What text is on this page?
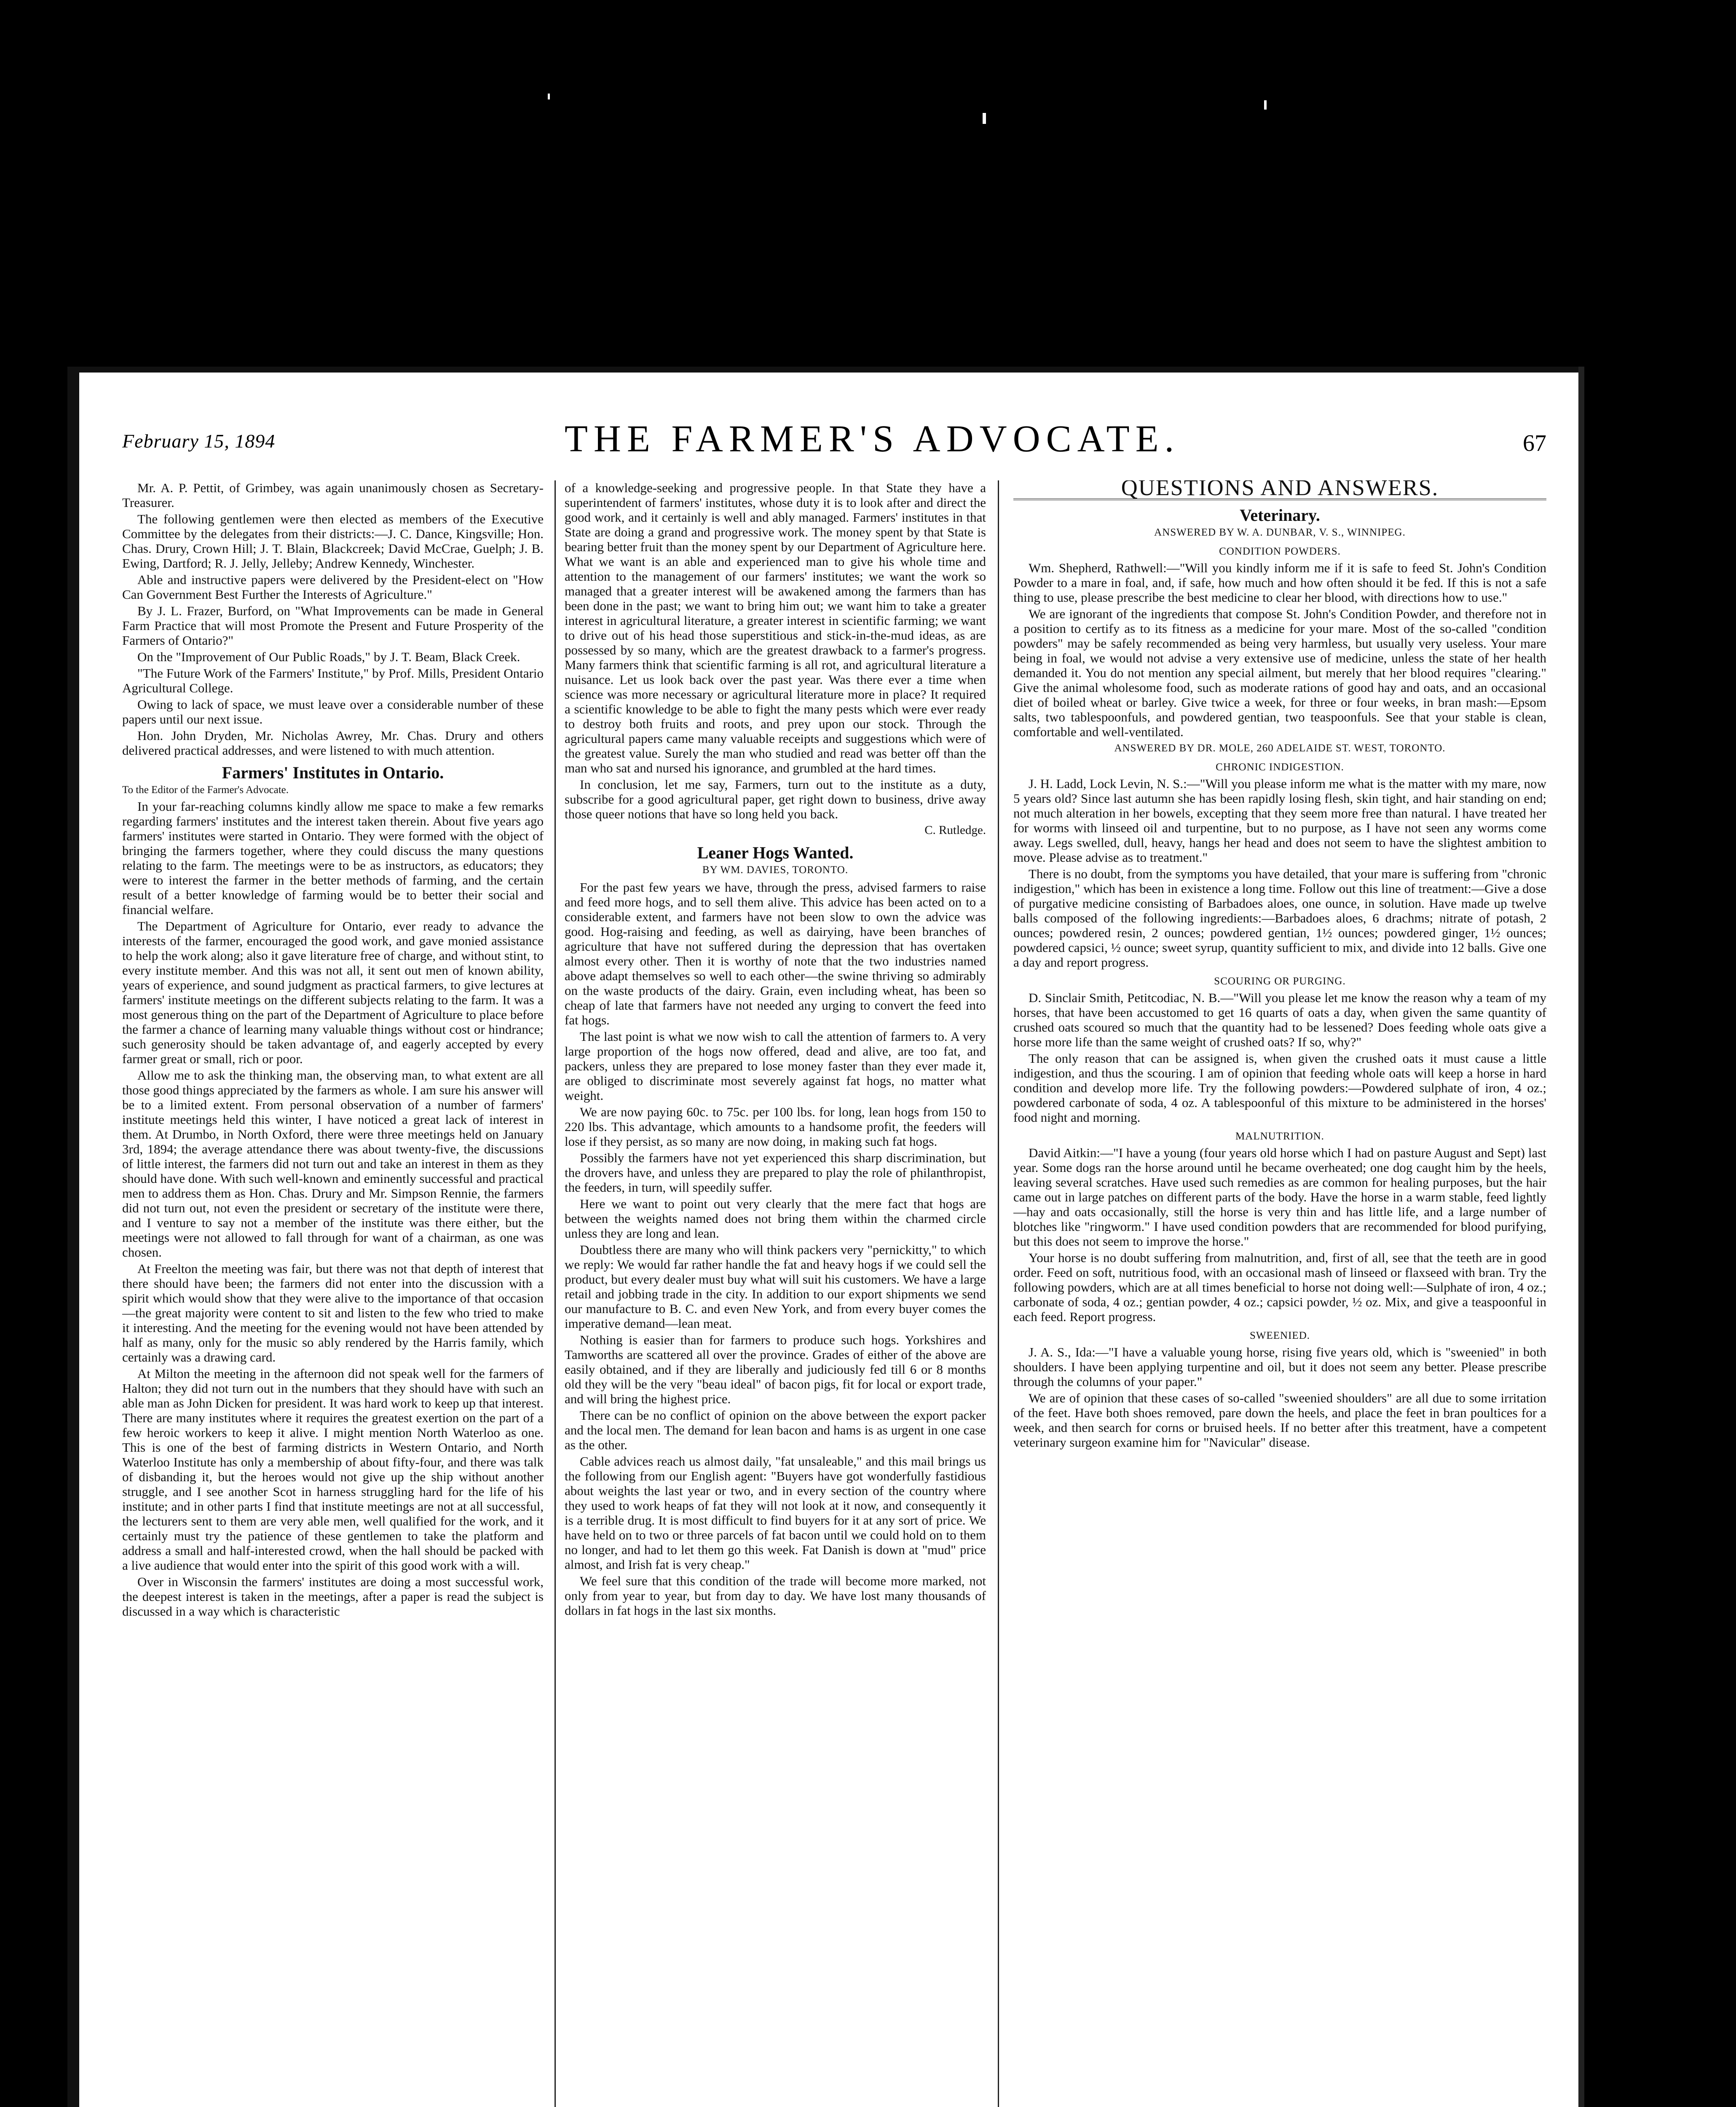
February 15, 1894	THE FARMER'S ADVOCATE.	67

Mr. A. P. Pettit, of Grimbey, was again unanimously chosen as Secretary-Treasurer.

The following gentlemen were then elected as members of the Executive Committee by the delegates from their districts:—J. C. Dance, Kingsville; Hon. Chas. Drury, Crown Hill; J. T. Blain, Blackcreek; David McCrae, Guelph; J. B. Ewing, Dartford; R. J. Jelly, Jelleby; Andrew Kennedy, Winchester.

Able and instructive papers were delivered by the President-elect on "How Can Government Best Further the Interests of Agriculture."

By J. L. Frazer, Burford, on "What Improvements can be made in General Farm Practice that will most Promote the Present and Future Prosperity of the Farmers of Ontario?"

On the "Improvement of Our Public Roads," by J. T. Beam, Black Creek.

"The Future Work of the Farmers' Institute," by Prof. Mills, President Ontario Agricultural College.

Owing to lack of space, we must leave over a considerable number of these papers until our next issue.

Hon. John Dryden, Mr. Nicholas Awrey, Mr. Chas. Drury and others delivered practical addresses, and were listened to with much attention.

Farmers' Institutes in Ontario.
To the Editor of the Farmer's Advocate.

In your far-reaching columns kindly allow me space to make a few remarks regarding farmers' institutes and the interest taken therein. About five years ago farmers' institutes were started in Ontario. They were formed with the object of bringing the farmers together, where they could discuss the many questions relating to the farm. The meetings were to be as instructors, as educators; they were to interest the farmer in the better methods of farming, and the certain result of a better knowledge of farming would be to better their social and financial welfare.

The Department of Agriculture for Ontario, ever ready to advance the interests of the farmer, encouraged the good work, and gave monied assistance to help the work along; also it gave literature free of charge, and without stint, to every institute member. And this was not all, it sent out men of known ability, years of experience, and sound judgment as practical farmers, to give lectures at farmers' institute meetings on the different subjects relating to the farm. It was a most generous thing on the part of the Department of Agriculture to place before the farmer a chance of learning many valuable things without cost or hindrance; such generosity should be taken advantage of, and eagerly accepted by every farmer great or small, rich or poor.

Allow me to ask the thinking man, the observing man, to what extent are all those good things appreciated by the farmers as whole. I am sure his answer will be to a limited extent. From personal observation of a number of farmers' institute meetings held this winter, I have noticed a great lack of interest in them. At Drumbo, in North Oxford, there were three meetings held on January 3rd, 1894; the average attendance there was about twenty-five, the discussions of little interest, the farmers did not turn out and take an interest in them as they should have done. With such well-known and eminently successful and practical men to address them as Hon. Chas. Drury and Mr. Simpson Rennie, the farmers did not turn out, not even the president or secretary of the institute were there, and I venture to say not a member of the institute was there either, but the meetings were not allowed to fall through for want of a chairman, as one was chosen.

At Freelton the meeting was fair, but there was not that depth of interest that there should have been; the farmers did not enter into the discussion with a spirit which would show that they were alive to the importance of that occasion—the great majority were content to sit and listen to the few who tried to make it interesting. And the meeting for the evening would not have been attended by half as many, only for the music so ably rendered by the Harris family, which certainly was a drawing card.

At Milton the meeting in the afternoon did not speak well for the farmers of Halton; they did not turn out in the numbers that they should have with such an able man as John Dicken for president. It was hard work to keep up that interest. There are many institutes where it requires the greatest exertion on the part of a few heroic workers to keep it alive. I might mention North Waterloo as one. This is one of the best of farming districts in Western Ontario, and North Waterloo Institute has only a membership of about fifty-four, and there was talk of disbanding it, but the heroes would not give up the ship without another struggle, and I see another Scot in harness struggling hard for the life of his institute; and in other parts I find that institute meetings are not at all successful, the lecturers sent to them are very able men, well qualified for the work, and it certainly must try the patience of these gentlemen to take the platform and address a small and half-interested crowd, when the hall should be packed with a live audience that would enter into the spirit of this good work with a will.

Over in Wisconsin the farmers' institutes are doing a most successful work, the deepest interest is taken in the meetings, after a paper is read the subject is discussed in a way which is characteristic

of a knowledge-seeking and progressive people. In that State they have a superintendent of farmers' institutes, whose duty it is to look after and direct the good work, and it certainly is well and ably managed. Farmers' institutes in that State are doing a grand and progressive work. The money spent by that State is bearing better fruit than the money spent by our Department of Agriculture here. What we want is an able and experienced man to give his whole time and attention to the management of our farmers' institutes; we want the work so managed that a greater interest will be awakened among the farmers than has been done in the past; we want to bring him out; we want him to take a greater interest in agricultural literature, a greater interest in scientific farming; we want to drive out of his head those superstitious and stick-in-the-mud ideas, as are possessed by so many, which are the greatest drawback to a farmer's progress. Many farmers think that scientific farming is all rot, and agricultural literature a nuisance. Let us look back over the past year. Was there ever a time when science was more necessary or agricultural literature more in place? It required a scientific knowledge to be able to fight the many pests which were ever ready to destroy both fruits and roots, and prey upon our stock. Through the agricultural papers came many valuable receipts and suggestions which were of the greatest value. Surely the man who studied and read was better off than the man who sat and nursed his ignorance, and grumbled at the hard times.

In conclusion, let me say, Farmers, turn out to the institute as a duty, subscribe for a good agricultural paper, get right down to business, drive away those queer notions that have so long held you back.

C. Rutledge.
Leaner Hogs Wanted.
BY WM. DAVIES, TORONTO.

For the past few years we have, through the press, advised farmers to raise and feed more hogs, and to sell them alive. This advice has been acted on to a considerable extent, and farmers have not been slow to own the advice was good. Hog-raising and feeding, as well as dairying, have been branches of agriculture that have not suffered during the depression that has overtaken almost every other. Then it is worthy of note that the two industries named above adapt themselves so well to each other—the swine thriving so admirably on the waste products of the dairy. Grain, even including wheat, has been so cheap of late that farmers have not needed any urging to convert the feed into fat hogs.

The last point is what we now wish to call the attention of farmers to. A very large proportion of the hogs now offered, dead and alive, are too fat, and packers, unless they are prepared to lose money faster than they ever made it, are obliged to discriminate most severely against fat hogs, no matter what weight.

We are now paying 60c. to 75c. per 100 lbs. for long, lean hogs from 150 to 220 lbs. This advantage, which amounts to a handsome profit, the feeders will lose if they persist, as so many are now doing, in making such fat hogs.

Possibly the farmers have not yet experienced this sharp discrimination, but the drovers have, and unless they are prepared to play the role of philanthropist, the feeders, in turn, will speedily suffer.

Here we want to point out very clearly that the mere fact that hogs are between the weights named does not bring them within the charmed circle unless they are long and lean.

Doubtless there are many who will think packers very "pernickitty," to which we reply: We would far rather handle the fat and heavy hogs if we could sell the product, but every dealer must buy what will suit his customers. We have a large retail and jobbing trade in the city. In addition to our export shipments we send our manufacture to B. C. and even New York, and from every buyer comes the imperative demand—lean meat.

Nothing is easier than for farmers to produce such hogs. Yorkshires and Tamworths are scattered all over the province. Grades of either of the above are easily obtained, and if they are liberally and judiciously fed till 6 or 8 months old they will be the very "beau ideal" of bacon pigs, fit for local or export trade, and will bring the highest price.

There can be no conflict of opinion on the above between the export packer and the local men. The demand for lean bacon and hams is as urgent in one case as the other.

Cable advices reach us almost daily, "fat unsaleable," and this mail brings us the following from our English agent: "Buyers have got wonderfully fastidious about weights the last year or two, and in every section of the country where they used to work heaps of fat they will not look at it now, and consequently it is a terrible drug. It is most difficult to find buyers for it at any sort of price. We have held on to two or three parcels of fat bacon until we could hold on to them no longer, and had to let them go this week. Fat Danish is down at "mud" price almost, and Irish fat is very cheap."

We feel sure that this condition of the trade will become more marked, not only from year to year, but from day to day. We have lost many thousands of dollars in fat hogs in the last six months.

QUESTIONS AND ANSWERS.
Veterinary.
ANSWERED BY W. A. DUNBAR, V. S., WINNIPEG.
CONDITION POWDERS.

Wm. Shepherd, Rathwell:—"Will you kindly inform me if it is safe to feed St. John's Condition Powder to a mare in foal, and, if safe, how much and how often should it be fed. If this is not a safe thing to use, please prescribe the best medicine to clear her blood, with directions how to use."

We are ignorant of the ingredients that compose St. John's Condition Powder, and therefore not in a position to certify as to its fitness as a medicine for your mare. Most of the so-called "condition powders" may be safely recommended as being very harmless, but usually very useless. Your mare being in foal, we would not advise a very extensive use of medicine, unless the state of her health demanded it. You do not mention any special ailment, but merely that her blood requires "clearing." Give the animal wholesome food, such as moderate rations of good hay and oats, and an occasional diet of boiled wheat or barley. Give twice a week, for three or four weeks, in bran mash:—Epsom salts, two tablespoonfuls, and powdered gentian, two teaspoonfuls. See that your stable is clean, comfortable and well-ventilated.

ANSWERED BY DR. MOLE, 260 ADELAIDE ST. WEST, TORONTO.
CHRONIC INDIGESTION.

J. H. Ladd, Lock Levin, N. S.:—"Will you please inform me what is the matter with my mare, now 5 years old? Since last autumn she has been rapidly losing flesh, skin tight, and hair standing on end; not much alteration in her bowels, excepting that they seem more free than natural. I have treated her for worms with linseed oil and turpentine, but to no purpose, as I have not seen any worms come away. Legs swelled, dull, heavy, hangs her head and does not seem to have the slightest ambition to move. Please advise as to treatment."

There is no doubt, from the symptoms you have detailed, that your mare is suffering from "chronic indigestion," which has been in existence a long time. Follow out this line of treatment:—Give a dose of purgative medicine consisting of Barbadoes aloes, one ounce, in solution. Have made up twelve balls composed of the following ingredients:—Barbadoes aloes, 6 drachms; nitrate of potash, 2 ounces; powdered resin, 2 ounces; powdered gentian, 1½ ounces; powdered ginger, 1½ ounces; powdered capsici, ½ ounce; sweet syrup, quantity sufficient to mix, and divide into 12 balls. Give one a day and report progress.

SCOURING OR PURGING.

D. Sinclair Smith, Petitcodiac, N. B.—"Will you please let me know the reason why a team of my horses, that have been accustomed to get 16 quarts of oats a day, when given the same quantity of crushed oats scoured so much that the quantity had to be lessened? Does feeding whole oats give a horse more life than the same weight of crushed oats? If so, why?"

The only reason that can be assigned is, when given the crushed oats it must cause a little indigestion, and thus the scouring. I am of opinion that feeding whole oats will keep a horse in hard condition and develop more life. Try the following powders:—Powdered sulphate of iron, 4 oz.; powdered carbonate of soda, 4 oz. A tablespoonful of this mixture to be administered in the horses' food night and morning.

MALNUTRITION.

David Aitkin:—"I have a young (four years old horse which I had on pasture August and Sept) last year. Some dogs ran the horse around until he became overheated; one dog caught him by the heels, leaving several scratches. Have used such remedies as are common for healing purposes, but the hair came out in large patches on different parts of the body. Have the horse in a warm stable, feed lightly—hay and oats occasionally, still the horse is very thin and has little life, and a large number of blotches like "ringworm." I have used condition powders that are recommended for blood purifying, but this does not seem to improve the horse."

Your horse is no doubt suffering from malnutrition, and, first of all, see that the teeth are in good order. Feed on soft, nutritious food, with an occasional mash of linseed or flaxseed with bran. Try the following powders, which are at all times beneficial to horse not doing well:—Sulphate of iron, 4 oz.; carbonate of soda, 4 oz.; gentian powder, 4 oz.; capsici powder, ½ oz. Mix, and give a teaspoonful in each feed. Report progress.

SWEENIED.

J. A. S., Ida:—"I have a valuable young horse, rising five years old, which is "sweenied" in both shoulders. I have been applying turpentine and oil, but it does not seem any better. Please prescribe through the columns of your paper."

We are of opinion that these cases of so-called "sweenied shoulders" are all due to some irritation of the feet. Have both shoes removed, pare down the heels, and place the feet in bran poultices for a week, and then search for corns or bruised heels. If no better after this treatment, have a competent veterinary surgeon examine him for "Navicular" disease.
